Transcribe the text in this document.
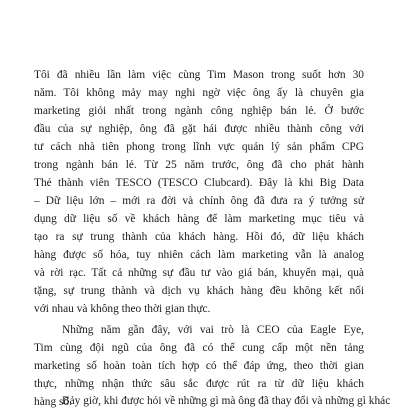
Tôi đã nhiều lần làm việc cùng Tim Mason trong suốt hơn 30

năm. Tôi không mảy may nghi ngờ việc ông ấy là chuyên gia

marketing giỏi nhất trong ngành công nghiệp bán lẻ. Ở bước

đầu của sự nghiệp, ông đã gặt hái được nhiều thành công với

tư cách nhà tiên phong trong lĩnh vực quản lý sản phẩm CPG

trong ngành bán lẻ. Từ 25 năm trước, ông đã cho phát hành

Thẻ thành viên TESCO (TESCO Clubcard). Đây là khi Big Data

– Dữ liệu lớn – mới ra đời và chính ông đã đưa ra ý tưởng sử

dụng dữ liệu số về khách hàng để làm marketing mục tiêu và

tạo ra sự trung thành của khách hàng. Hồi đó, dữ liệu khách

hàng được số hóa, tuy nhiên cách làm marketing vẫn là analog

và rời rạc. Tất cả những sự đầu tư vào giá bán, khuyến mại, quà

tặng, sự trung thành và dịch vụ khách hàng đều không kết nối

với nhau và không theo thời gian thực.

Những năm gần đây, với vai trò là CEO của Eagle Eye,

Tim cùng đội ngũ của ông đã có thể cung cấp một nền tảng

marketing số hoàn toàn tích hợp có thể đáp ứng, theo thời gian

thực, những nhận thức sâu sắc được rút ra từ dữ liệu khách

hàng số.

Bảy giờ, khi được hỏi về những gì mà ông đã thay đổi và những gì khác
